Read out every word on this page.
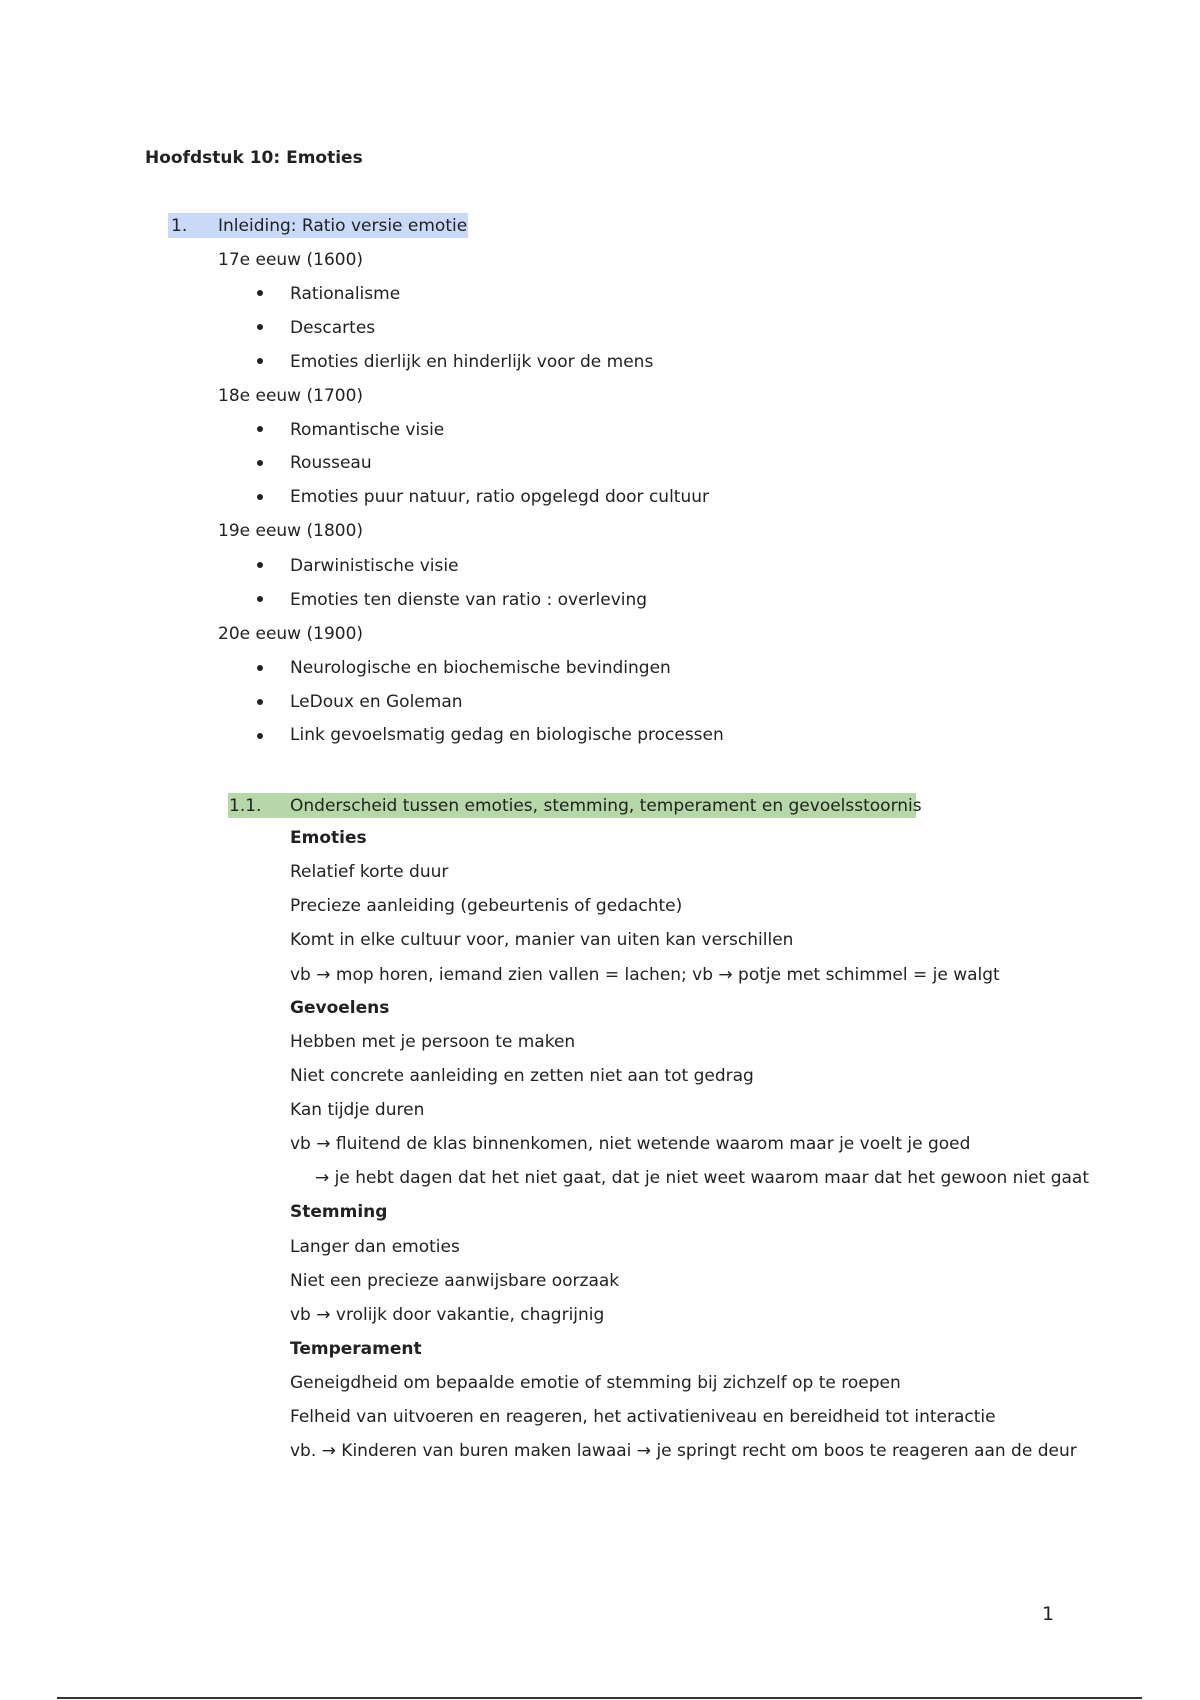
Hoofdstuk 10: Emoties
1. Inleiding: Ratio versie emotie
17e eeuw (1600)
Rationalisme
Descartes
Emoties dierlijk en hinderlijk voor de mens
18e eeuw (1700)
Romantische visie
Rousseau
Emoties puur natuur, ratio opgelegd door cultuur
19e eeuw (1800)
Darwinistische visie
Emoties ten dienste van ratio : overleving
20e eeuw (1900)
Neurologische en biochemische bevindingen
LeDoux en Goleman
Link gevoelsmatig gedag en biologische processen
1.1. Onderscheid tussen emoties, stemming, temperament en gevoelsstoornis
Emoties
Relatief korte duur
Precieze aanleiding (gebeurtenis of gedachte)
Komt in elke cultuur voor, manier van uiten kan verschillen
vb → mop horen, iemand zien vallen = lachen; vb → potje met schimmel = je walgt
Gevoelens
Hebben met je persoon te maken
Niet concrete aanleiding en zetten niet aan tot gedrag
Kan tijdje duren
vb → fluitend de klas binnenkomen, niet wetende waarom maar je voelt je goed
→ je hebt dagen dat het niet gaat, dat je niet weet waarom maar dat het gewoon niet gaat
Stemming
Langer dan emoties
Niet een precieze aanwijsbare oorzaak
vb → vrolijk door vakantie, chagrijnig
Temperament
Geneigdheid om bepaalde emotie of stemming bij zichzelf op te roepen
Felheid van uitvoeren en reageren, het activatieniveau en bereidheid tot interactie
vb. → Kinderen van buren maken lawaai → je springt recht om boos te reageren aan de deur
1
